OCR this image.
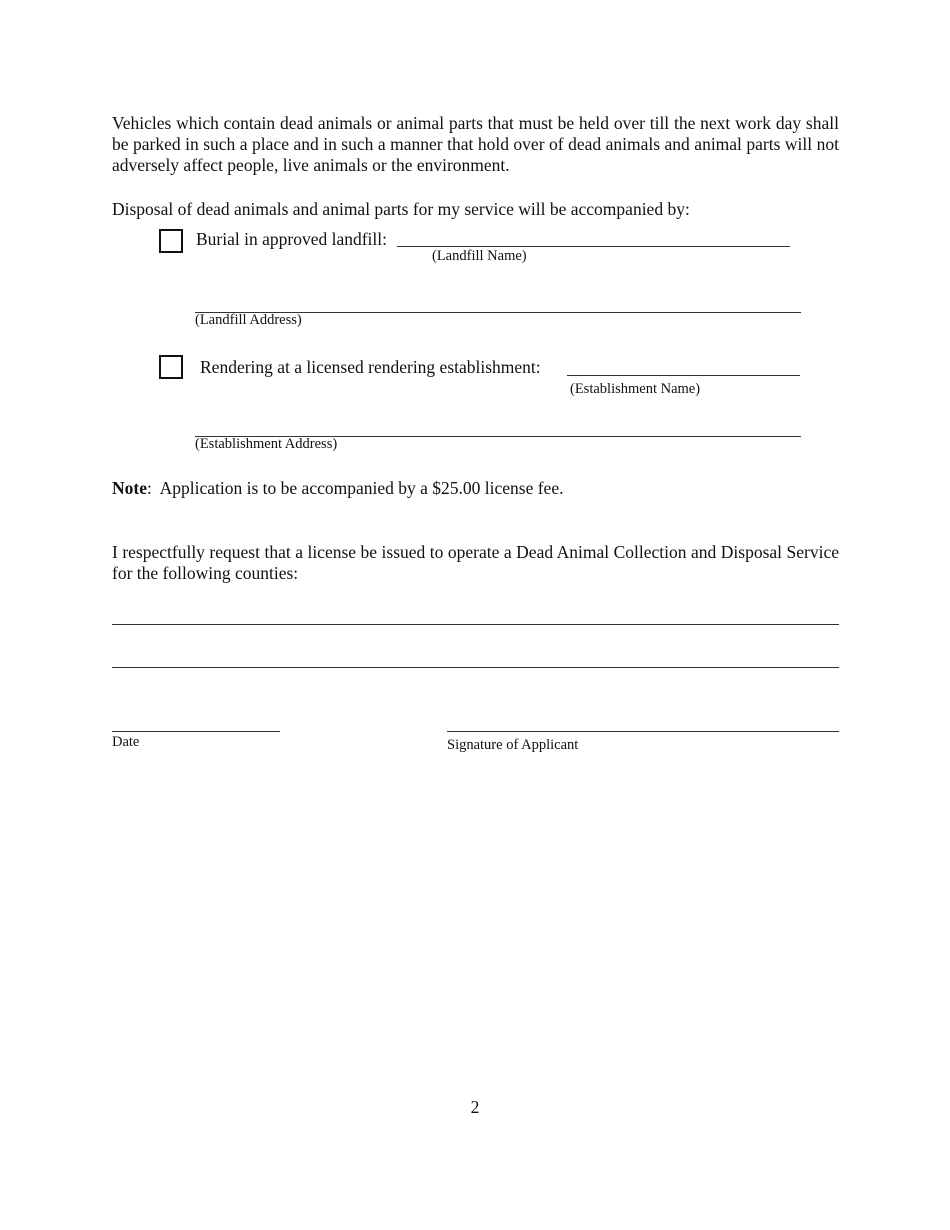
Vehicles which contain dead animals or animal parts that must be held over till the next work day shall be parked in such a place and in such a manner that hold over of dead animals and animal parts will not adversely affect people, live animals or the environment.
Disposal of dead animals and animal parts for my service will be accompanied by:
Burial in approved landfill:
(Landfill Name)
(Landfill Address)
Rendering at a licensed rendering establishment:
(Establishment Name)
(Establishment Address)
Note:  Application is to be accompanied by a $25.00 license fee.
I respectfully request that a license be issued to operate a Dead Animal Collection and Disposal Service for the following counties:
Date	Signature of Applicant
2
